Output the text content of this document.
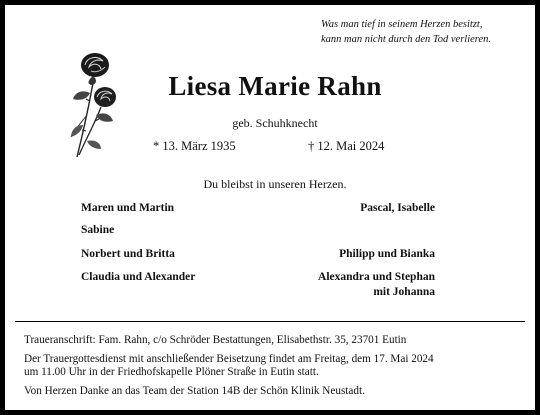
Was man tief in seinem Herzen besitzt,
kann man nicht durch den Tod verlieren.
Liesa Marie Rahn
geb. Schuhknecht
* 13. März 1935	† 12. Mai 2024
Du bleibst in unseren Herzen.
Maren und Martin
Sabine
Norbert und Britta
Claudia und Alexander
Pascal, Isabelle
Philipp und Bianka
Alexandra und Stephan
mit Johanna
Traueranschrift: Fam. Rahn, c/o Schröder Bestattungen, Elisabethstr. 35, 23701 Eutin
Der Trauergottesdienst mit anschließender Beisetzung findet am Freitag, dem 17. Mai 2024
um 11.00 Uhr in der Friedhofskapelle Plöner Straße in Eutin statt.
Von Herzen Danke an das Team der Station 14B der Schön Klinik Neustadt.
